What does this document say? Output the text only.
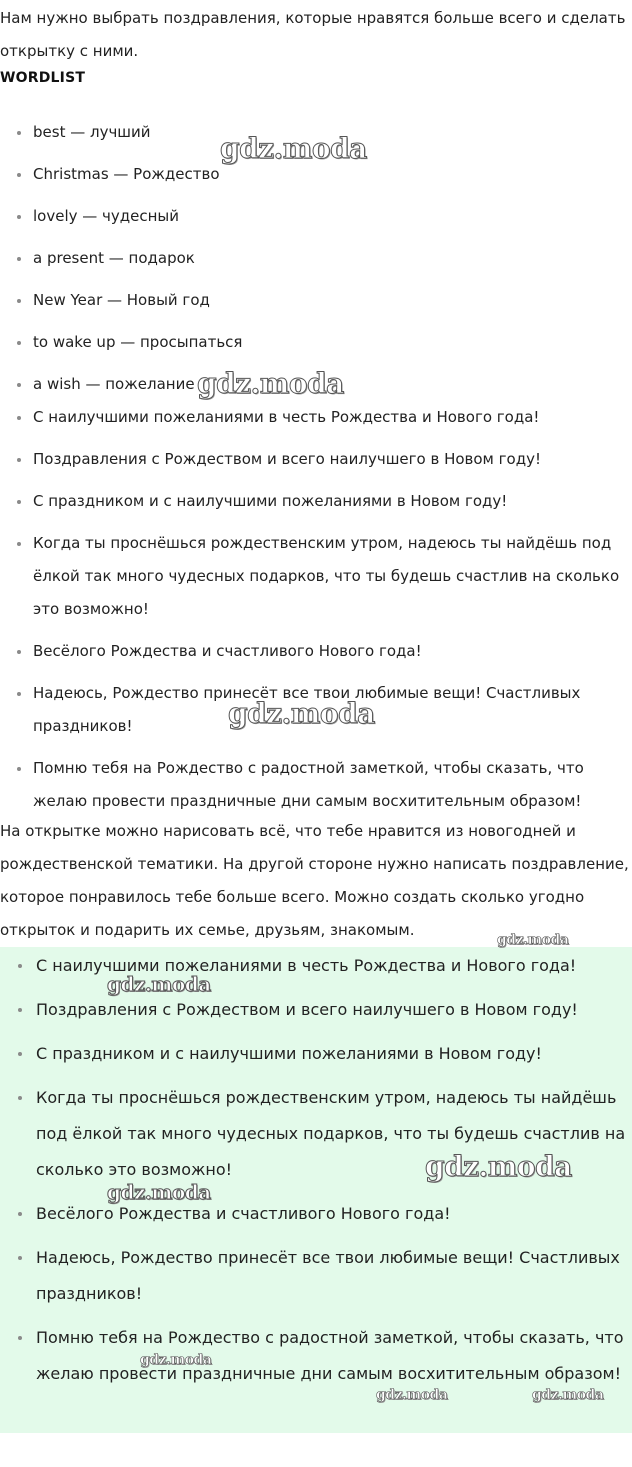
Нам нужно выбрать поздравления, которые нравятся больше всего и сделать открытку с ними.

WORDLIST

best — лучший
Christmas — Рождество
lovely — чудесный
a present — подарок
New Year — Новый год
to wake up — просыпаться
a wish — пожелание
С наилучшими пожеланиями в честь Рождества и Нового года!
Поздравления с Рождеством и всего наилучшего в Новом году!
С праздником и с наилучшими пожеланиями в Новом году!
Когда ты проснёшься рождественским утром, надеюсь ты найдёшь под ёлкой так много чудесных подарков, что ты будешь счастлив на сколько это возможно!
Весёлого Рождества и счастливого Нового года!
Надеюсь, Рождество принесёт все твои любимые вещи! Счастливых праздников!
Помню тебя на Рождество с радостной заметкой, чтобы сказать, что желаю провести праздничные дни самым восхитительным образом!

На открытке можно нарисовать всё, что тебе нравится из новогодней и рождественской тематики. На другой стороне нужно написать поздравление, которое понравилось тебе больше всего. Можно создать сколько угодно открыток и подарить их семье, друзьям, знакомым.

С наилучшими пожеланиями в честь Рождества и Нового года!
Поздравления с Рождеством и всего наилучшего в Новом году!
С праздником и с наилучшими пожеланиями в Новом году!
Когда ты проснёшься рождественским утром, надеюсь ты найдёшь под ёлкой так много чудесных подарков, что ты будешь счастлив на сколько это возможно!
Весёлого Рождества и счастливого Нового года!
Надеюсь, Рождество принесёт все твои любимые вещи! Счастливых праздников!
Помню тебя на Рождество с радостной заметкой, чтобы сказать, что желаю провести праздничные дни самым восхитительным образом!
gdz.moda
gdz.moda
gdz.moda
gdz.moda
gdz.moda
gdz.moda
gdz.moda
gdz.moda
gdz.moda	gdz.moda
